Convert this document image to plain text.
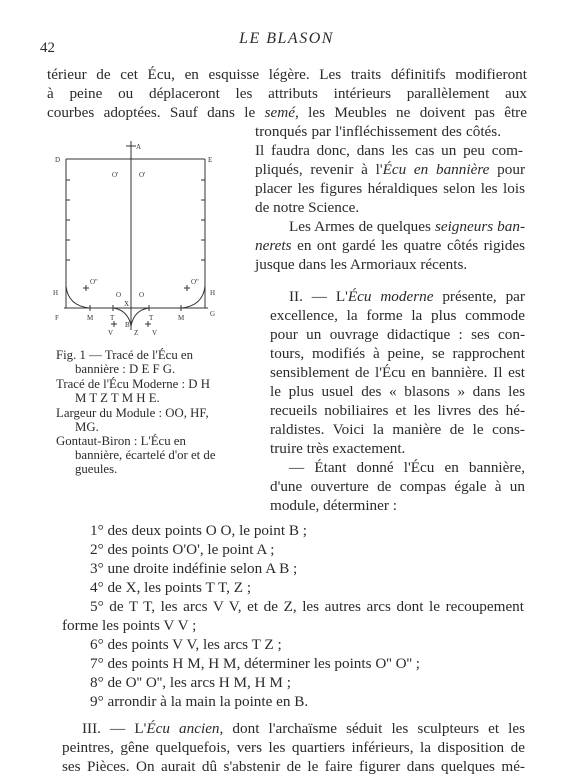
42
LE BLASON
térieur de cet Écu, en esquisse légère. Les traits définitifs modifieront
à peine ou déplaceront les attributs intérieurs parallèlement aux
courbes adoptées. Sauf dans le semé, les Meubles ne doivent pas être
tronqués par l'infléchissement des côtés.
Il faudra donc, dans les cas un peu com-
pliqués, revenir à l'Écu en bannière pour
placer les figures héraldiques selon les lois
de notre Science.
Les Armes de quelques seigneurs ban-
nerets en ont gardé les quatre côtés rigides
jusque dans les Armoriaux récents.
II. — L'Écu moderne présente, par
excellence, la forme la plus commode
pour un ouvrage didactique : ses con-
tours, modifiés à peine, se rapprochent
sensiblement de l'Écu en bannière. Il est
le plus usuel des « blasons » dans les
recueils nobiliaires et les livres des hé-
raldistes. Voici la manière de le cons-
truire très exactement.
— Étant donné l'Écu en bannière,
d'une ouverture de compas égale à un
module, déterminer :
A
D	E
O'	O'
H	H
O''	O''
O	O
X
F	G
M	M
T	T
B
Z
V	V
Fig. 1 — Tracé de l'Écu en
bannière : D E F G.
Tracé de l'Écu Moderne : D H
M T Z T M H E.
Largeur du Module : OO, HF,
MG.
Gontaut-Biron : L'Écu en
bannière, écartelé d'or et de
gueules.
1° des deux points O O, le point B ;
2° des points O'O', le point A ;
3° une droite indéfinie selon A B ;
4° de X, les points T T, Z ;
5° de T T, les arcs V V, et de Z, les autres arcs dont le recoupement
forme les points V V ;
6° des points V V, les arcs T Z ;
7° des points H M, H M, déterminer les points O'' O'' ;
8° de O'' O'', les arcs H M, H M ;
9° arrondir à la main la pointe en B.
III. — L'Écu ancien, dont l'archaïsme séduit les sculpteurs et les
peintres, gêne quelquefois, vers les quartiers inférieurs, la disposition de
ses Pièces. On aurait dû s'abstenir de le faire figurer dans quelques mé-
